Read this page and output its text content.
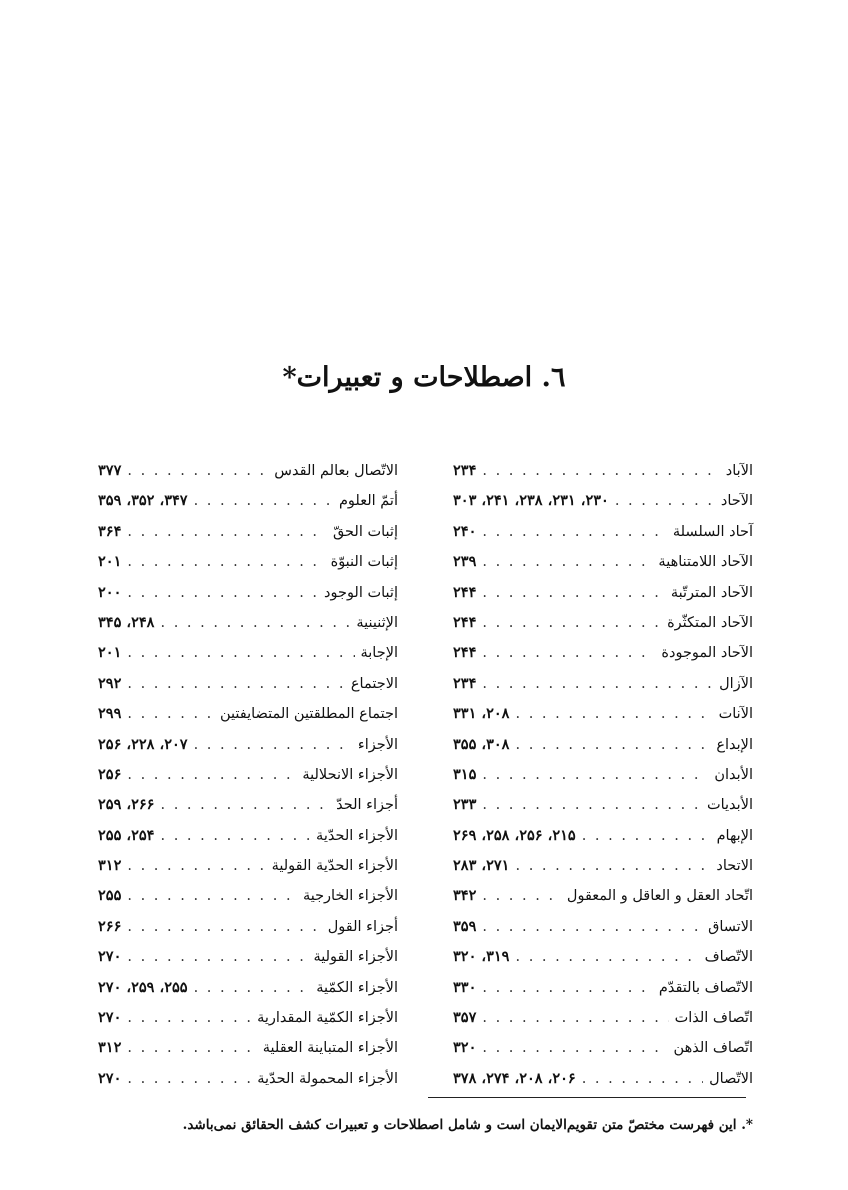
٦. اصطلاحات و تعبیرات*
الآباد
. . .
٢٣۴
الآحاد
. . .
٢٣٠، ٢٣١، ٢٣٨، ٢۴١، ٣٠٣
آحاد السلسلة
. . .
٢۴٠
الآحاد اللامتناهية
. . .
٢٣٩
الآحاد المترتّبة
. . .
٢۴۴
الآحاد المتكثّرة
. . .
٢۴۴
الآحاد الموجودة
. . .
٢۴۴
الآزال
. . .
٢٣۴
الآنات
. . .
٢٠٨، ٣٣١
الإبداع
. . .
٣٠٨، ٣۵۵
الأبدان
. . .
٣١۵
الأبديات
. . .
٢٣٣
الإبهام
. . .
٢١۵، ٢۵۶، ٢۵٨، ٢۶٩
الاتحاد
. . .
٢٧١، ٢٨٣
اتّحاد العقل و العاقل و المعقول
. . .
٣۴٢
الاتساق
. . .
٣۵٩
الاتّصاف
. . .
٣١٩، ٣٢٠
الاتّصاف بالتقدّم
. . .
٣٣٠
اتّصاف الذات
. . .
٣۵٧
اتّصاف الذهن
. . .
٣٢٠
الاتّصال
. . .
٢٠۶، ٢٠٨، ٢٧۴، ٣٧٨
الاتّصال بعالم القدس
. . .
٣٧٧
أتمّ العلوم
. . .
٣۴٧، ٣۵٢، ٣۵٩
إثبات الحقّ
. . .
٣۶۴
إثبات النبوّة
. . .
٢٠١
إثبات الوجود
. . .
٢٠٠
الإثنينية
. . .
٢۴٨، ٣۴۵
الإجابة
. . .
٢٠١
الاجتماع
. . .
٢٩٢
اجتماع المطلقتين المتضايفتين
. . .
٢٩٩
الأجزاء
. . .
٢٠٧، ٢٢٨، ٢۵۶
الأجزاء الانحلالية
. . .
٢۵۶
أجزاء الحدّ
. . .
٢۶۶، ٢۵٩
الأجزاء الحدّية
. . .
٢۵۴، ٢۵۵
الأجزاء الحدّية القولية
. . .
٣١٢
الأجزاء الخارجية
. . .
٢۵۵
أجزاء القول
. . .
٢۶۶
الأجزاء القولية
. . .
٢٧٠
الأجزاء الكمّية
. . .
٢۵۵، ٢۵٩، ٢٧٠
الأجزاء الكمّية المقدارية
. . .
٢٧٠
الأجزاء المتباينة العقلية
. . .
٣١٢
الأجزاء المحمولة الحدّية
. . .
٢٧٠
*. این فهرست مختصّ متن تقویم‌الایمان است و شامل اصطلاحات و تعبیرات کشف الحقائق نمی‌باشد.
